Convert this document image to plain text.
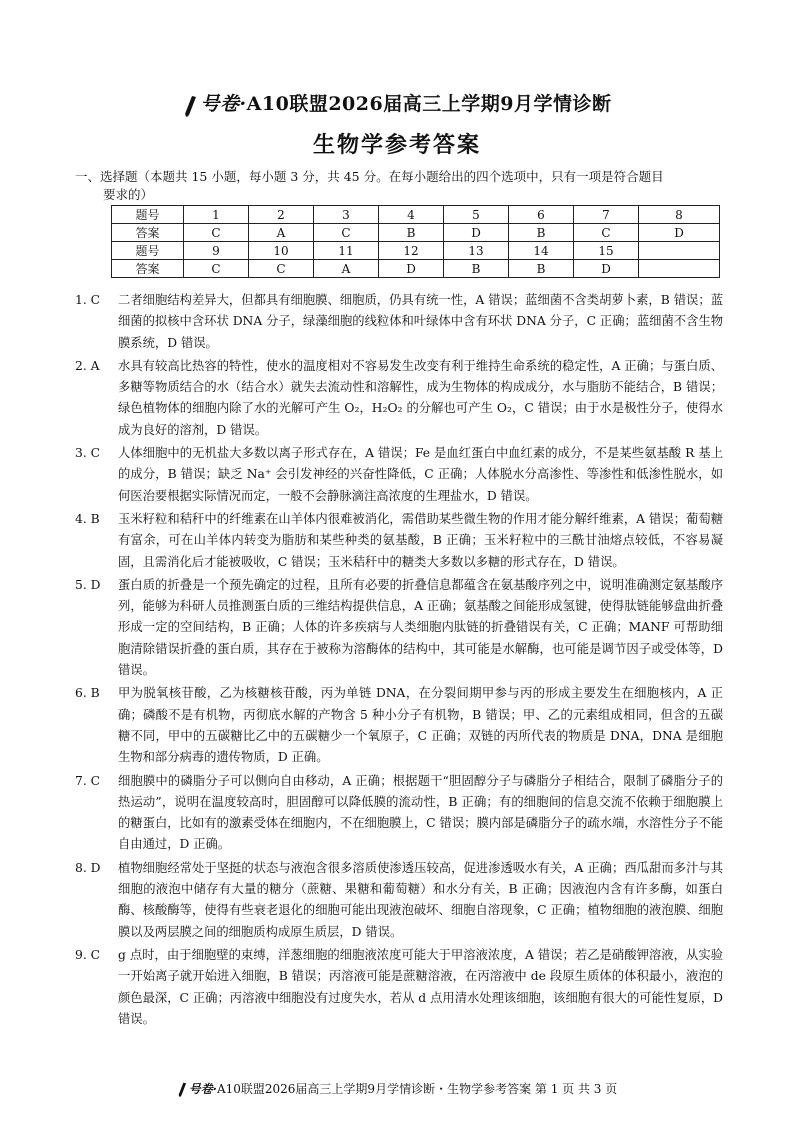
号卷·A10联盟2026届高三上学期9月学情诊断
生物学参考答案
一、选择题（本题共 15 小题，每小题 3 分，共 45 分。在每小题给出的四个选项中，只有一项是符合题目
要求的）
题号	1	2	3	4	5	6	7	8
答案	C	A	C	B	D	B	C	D
题号	9	10	11	12	13	14	15	
答案	C	C	A	D	B	B	D	
1. C	二者细胞结构差异大，但都具有细胞膜、细胞质，仍具有统一性，A 错误；蓝细菌不含类胡萝卜素，B 错误；蓝细菌的拟核中含环状 DNA 分子，绿藻细胞的线粒体和叶绿体中含有环状 DNA 分子，C 正确；蓝细菌不含生物膜系统，D 错误。
2. A	水具有较高比热容的特性，使水的温度相对不容易发生改变有利于维持生命系统的稳定性，A 正确；与蛋白质、多糖等物质结合的水（结合水）就失去流动性和溶解性，成为生物体的构成成分，水与脂肪不能结合，B 错误；绿色植物体的细胞内除了水的光解可产生 O₂，H₂O₂ 的分解也可产生 O₂，C 错误；由于水是极性分子，使得水成为良好的溶剂，D 错误。
3. C	人体细胞中的无机盐大多数以离子形式存在，A 错误；Fe 是血红蛋白中血红素的成分，不是某些氨基酸 R 基上的成分，B 错误；缺乏 Na⁺ 会引发神经的兴奋性降低，C 正确；人体脱水分高渗性、等渗性和低渗性脱水，如何医治要根据实际情况而定，一般不会静脉滴注高浓度的生理盐水，D 错误。
4. B	玉米籽粒和秸秆中的纤维素在山羊体内很难被消化，需借助某些微生物的作用才能分解纤维素，A 错误；葡萄糖有富余，可在山羊体内转变为脂肪和某些种类的氨基酸，B 正确；玉米籽粒中的三酰甘油熔点较低，不容易凝固，且需消化后才能被吸收，C 错误；玉米秸秆中的糖类大多数以多糖的形式存在，D 错误。
5. D	蛋白质的折叠是一个预先确定的过程，且所有必要的折叠信息都蕴含在氨基酸序列之中，说明准确测定氨基酸序列，能够为科研人员推测蛋白质的三维结构提供信息，A 正确；氨基酸之间能形成氢键，使得肽链能够盘曲折叠形成一定的空间结构，B 正确；人体的许多疾病与人类细胞内肽链的折叠错误有关，C 正确；MANF 可帮助细胞清除错误折叠的蛋白质，其存在于被称为溶酶体的结构中，其可能是水解酶，也可能是调节因子或受体等，D 错误。
6. B	甲为脱氧核苷酸，乙为核糖核苷酸，丙为单链 DNA，在分裂间期甲参与丙的形成主要发生在细胞核内，A 正确；磷酸不是有机物，丙彻底水解的产物含 5 种小分子有机物，B 错误；甲、乙的元素组成相同，但含的五碳糖不同，甲中的五碳糖比乙中的五碳糖少一个氧原子，C 正确；双链的丙所代表的物质是 DNA，DNA 是细胞生物和部分病毒的遗传物质，D 正确。
7. C	细胞膜中的磷脂分子可以侧向自由移动，A 正确；根据题干“胆固醇分子与磷脂分子相结合，限制了磷脂分子的热运动”，说明在温度较高时，胆固醇可以降低膜的流动性，B 正确；有的细胞间的信息交流不依赖于细胞膜上的糖蛋白，比如有的激素受体在细胞内，不在细胞膜上，C 错误；膜内部是磷脂分子的疏水端，水溶性分子不能自由通过，D 正确。
8. D	植物细胞经常处于坚挺的状态与液泡含很多溶质使渗透压较高，促进渗透吸水有关，A 正确；西瓜甜而多汁与其细胞的液泡中储存有大量的糖分（蔗糖、果糖和葡萄糖）和水分有关，B 正确；因液泡内含有许多酶，如蛋白酶、核酸酶等，使得有些衰老退化的细胞可能出现液泡破坏、细胞自溶现象，C 正确；植物细胞的液泡膜、细胞膜以及两层膜之间的细胞质构成原生质层，D 错误。
9. C	g 点时，由于细胞壁的束缚，洋葱细胞的细胞液浓度可能大于甲溶液浓度，A 错误；若乙是硝酸钾溶液，从实验一开始离子就开始进入细胞，B 错误；丙溶液可能是蔗糖溶液，在丙溶液中 de 段原生质体的体积最小，液泡的颜色最深，C 正确；丙溶液中细胞没有过度失水，若从 d 点用清水处理该细胞，该细胞有很大的可能性复原，D 错误。
号卷·A10联盟2026届高三上学期9月学情诊断・生物学参考答案 第 1 页 共 3 页
